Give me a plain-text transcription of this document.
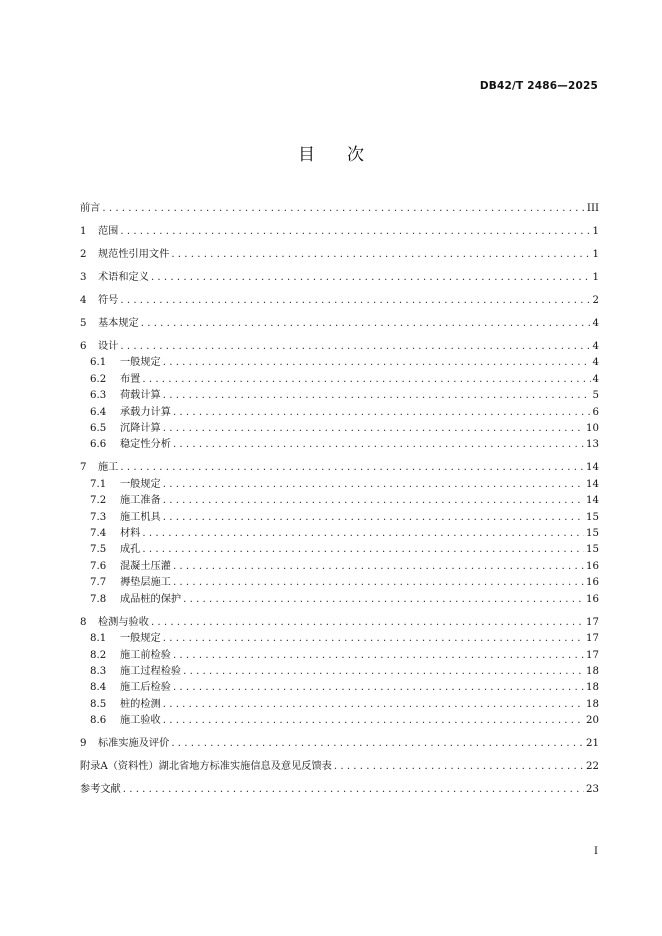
DB42/T 2486—2025
目次
前言 . . .	III
1	范围 . . .	1
2	规范性引用文件 . . .	1
3	术语和定义 . . .	1
4	符号 . . .	2
5	基本规定 . . .	4
6	设计 . . .	4
6.1	一般规定 . . .	4
6.2	布置 . . .	4
6.3	荷载计算 . . .	5
6.4	承载力计算 . . .	6
6.5	沉降计算 . . .	10
6.6	稳定性分析 . . .	13
7	施工 . . .	14
7.1	一般规定 . . .	14
7.2	施工准备 . . .	14
7.3	施工机具 . . .	15
7.4	材料 . . .	15
7.5	成孔 . . .	15
7.6	混凝土压灌 . . .	16
7.7	褥垫层施工 . . .	16
7.8	成品桩的保护 . . .	16
8	检测与验收 . . .	17
8.1	一般规定 . . .	17
8.2	施工前检验 . . .	17
8.3	施工过程检验 . . .	18
8.4	施工后检验 . . .	18
8.5	桩的检测 . . .	18
8.6	施工验收 . . .	20
9	标准实施及评价 . . .	21
附录A（资料性）湖北省地方标准实施信息及意见反馈表 . . .	22
参考文献 . . .	23
I
